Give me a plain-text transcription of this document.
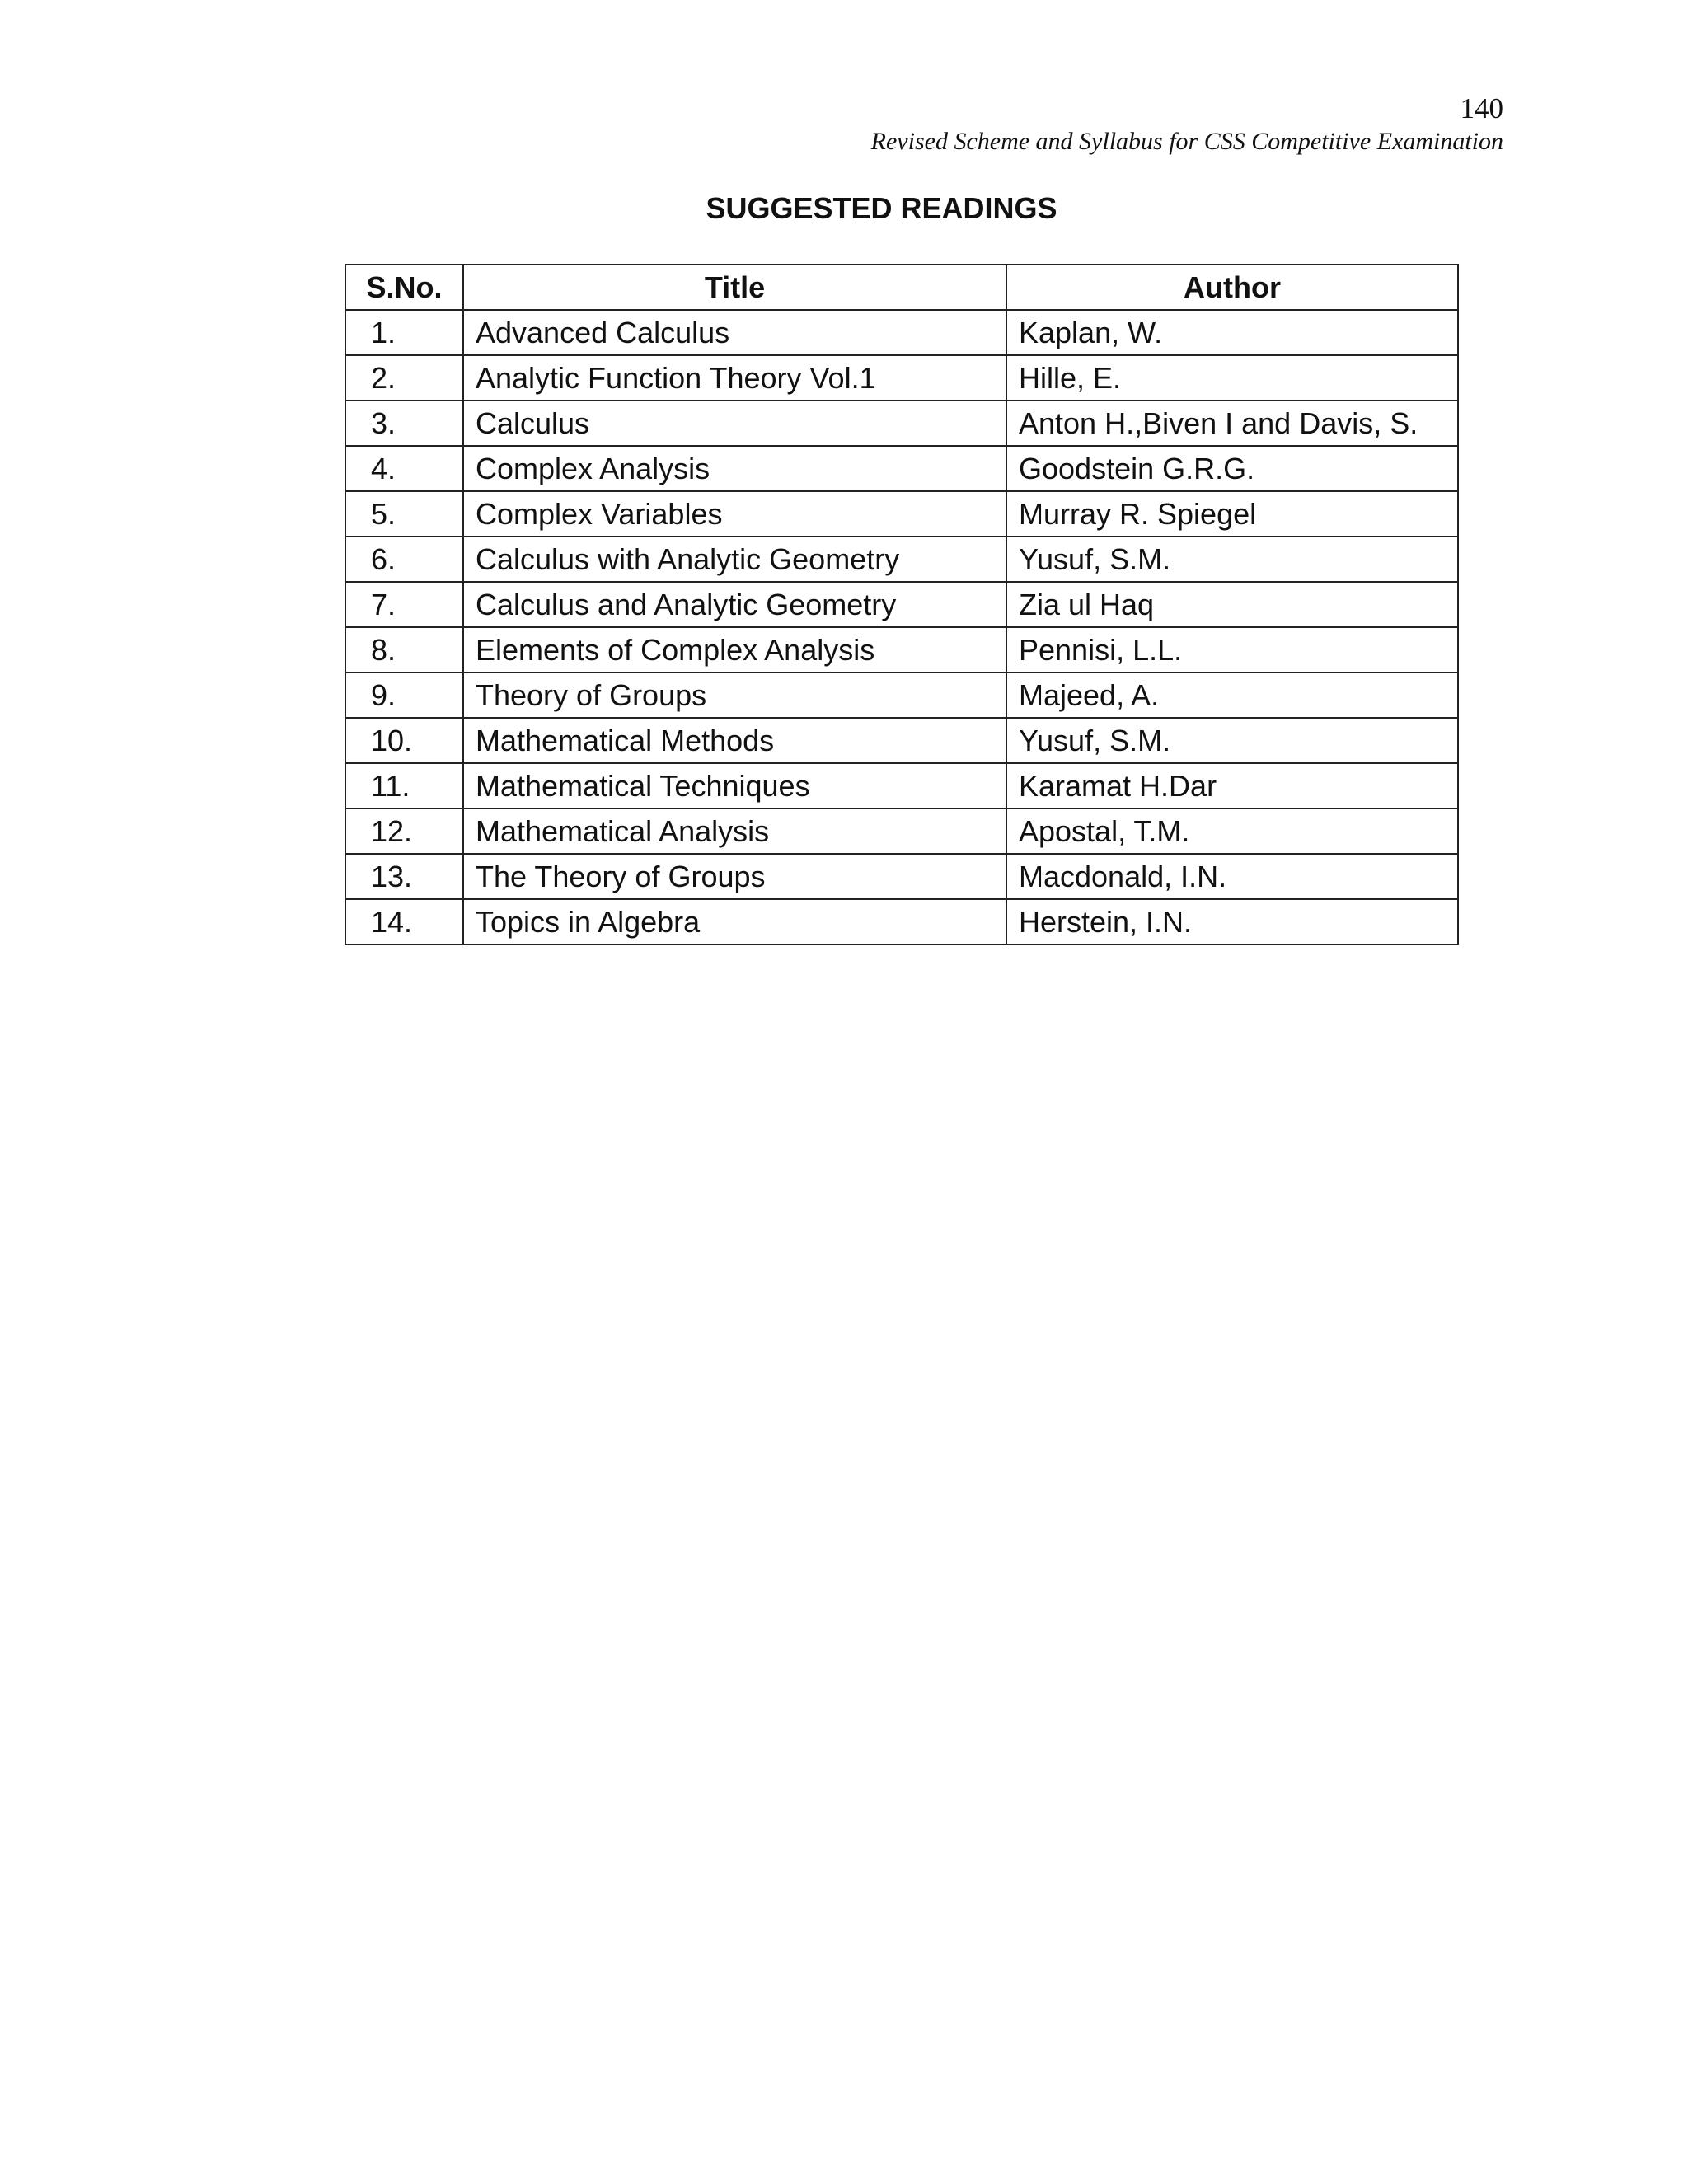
140
Revised Scheme and Syllabus for CSS Competitive Examination
SUGGESTED READINGS
S.No.	Title	Author
1.	Advanced Calculus	Kaplan, W.
2.	Analytic Function Theory Vol.1	Hille, E.
3.	Calculus	Anton H.,Biven I and Davis, S.
4.	Complex Analysis	Goodstein G.R.G.
5.	Complex Variables	Murray R. Spiegel
6.	Calculus with Analytic Geometry	Yusuf, S.M.
7.	Calculus and Analytic Geometry	Zia ul Haq
8.	Elements of Complex Analysis	Pennisi, L.L.
9.	Theory of Groups	Majeed, A.
10.	Mathematical Methods	Yusuf, S.M.
11.	Mathematical Techniques	Karamat H.Dar
12.	Mathematical Analysis	Apostal, T.M.
13.	The Theory of Groups	Macdonald, I.N.
14.	Topics in Algebra	Herstein, I.N.
